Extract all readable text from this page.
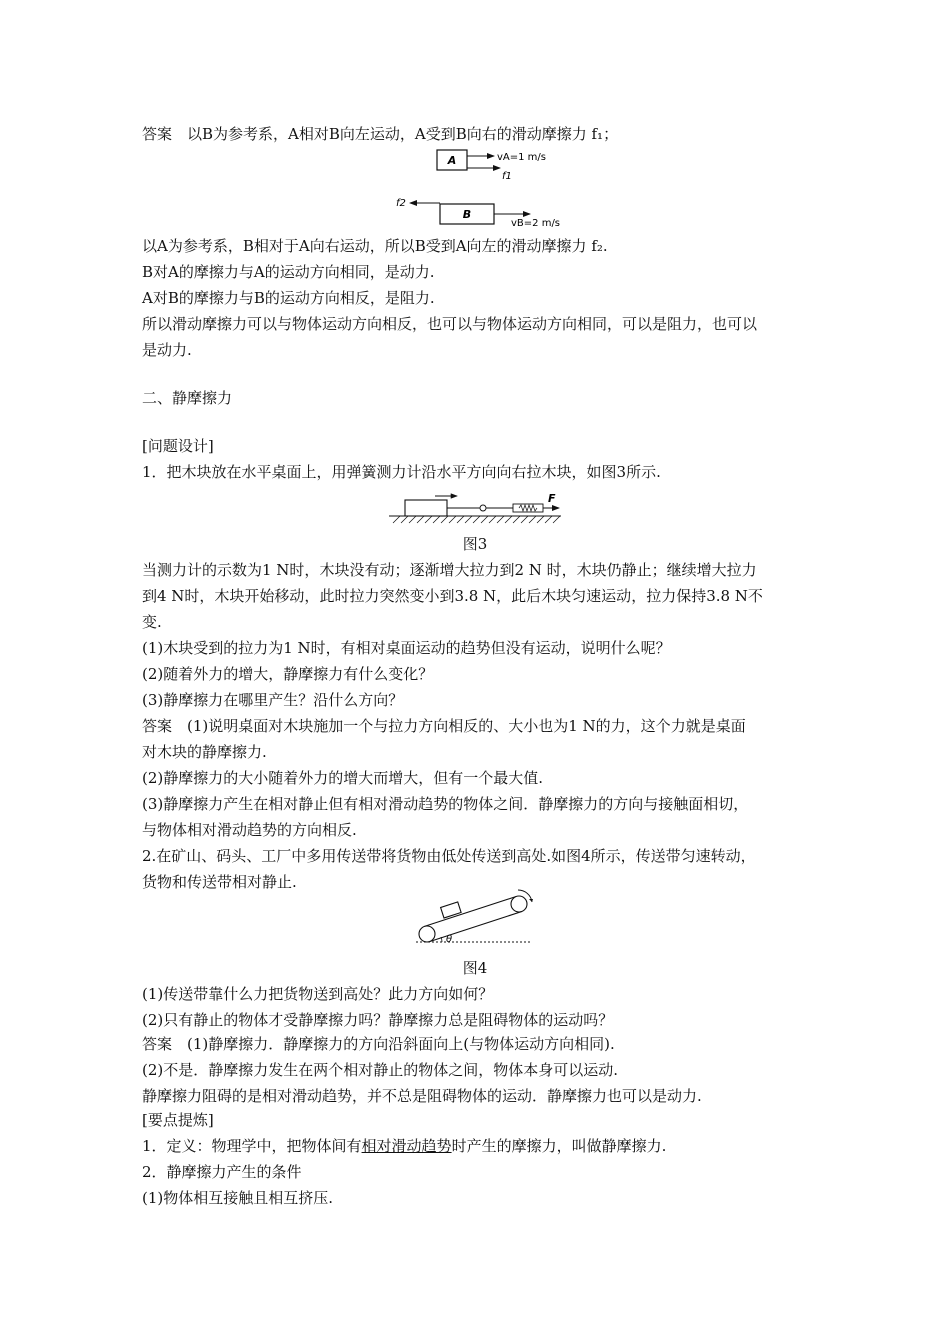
答案　以B为参考系，A相对B向左运动，A受到B向右的滑动摩擦力 f₁；
A	vA=1 m/s
f1
f2
B
vB=2 m/s
以A为参考系，B相对于A向右运动，所以B受到A向左的滑动摩擦力 f₂.
B对A的摩擦力与A的运动方向相同，是动力.
A对B的摩擦力与B的运动方向相反，是阻力.
所以滑动摩擦力可以与物体运动方向相反，也可以与物体运动方向相同，可以是阻力，也可以
是动力.
二、静摩擦力
[问题设计]
1．把木块放在水平桌面上，用弹簧测力计沿水平方向向右拉木块，如图3所示.
F
图3
当测力计的示数为1 N时，木块没有动；逐渐增大拉力到2 N 时，木块仍静止；继续增大拉力
到4 N时，木块开始移动，此时拉力突然变小到3.8 N，此后木块匀速运动，拉力保持3.8 N不
变.
(1)木块受到的拉力为1 N时，有相对桌面运动的趋势但没有运动，说明什么呢？
(2)随着外力的增大，静摩擦力有什么变化？
(3)静摩擦力在哪里产生？沿什么方向？
答案　(1)说明桌面对木块施加一个与拉力方向相反的、大小也为1 N的力，这个力就是桌面
对木块的静摩擦力.
(2)静摩擦力的大小随着外力的增大而增大，但有一个最大值.
(3)静摩擦力产生在相对静止但有相对滑动趋势的物体之间．静摩擦力的方向与接触面相切，
与物体相对滑动趋势的方向相反.
2.在矿山、码头、工厂中多用传送带将货物由低处传送到高处.如图4所示，传送带匀速转动，
货物和传送带相对静止.
θ
图4
(1)传送带靠什么力把货物送到高处？此力方向如何？
(2)只有静止的物体才受静摩擦力吗？静摩擦力总是阻碍物体的运动吗？
答案　(1)静摩擦力．静摩擦力的方向沿斜面向上(与物体运动方向相同).
(2)不是．静摩擦力发生在两个相对静止的物体之间，物体本身可以运动.
静摩擦力阻碍的是相对滑动趋势，并不总是阻碍物体的运动．静摩擦力也可以是动力.
[要点提炼]
1．定义：物理学中，把物体间有相对滑动趋势时产生的摩擦力，叫做静摩擦力.
2．静摩擦力产生的条件
(1)物体相互接触且相互挤压.
